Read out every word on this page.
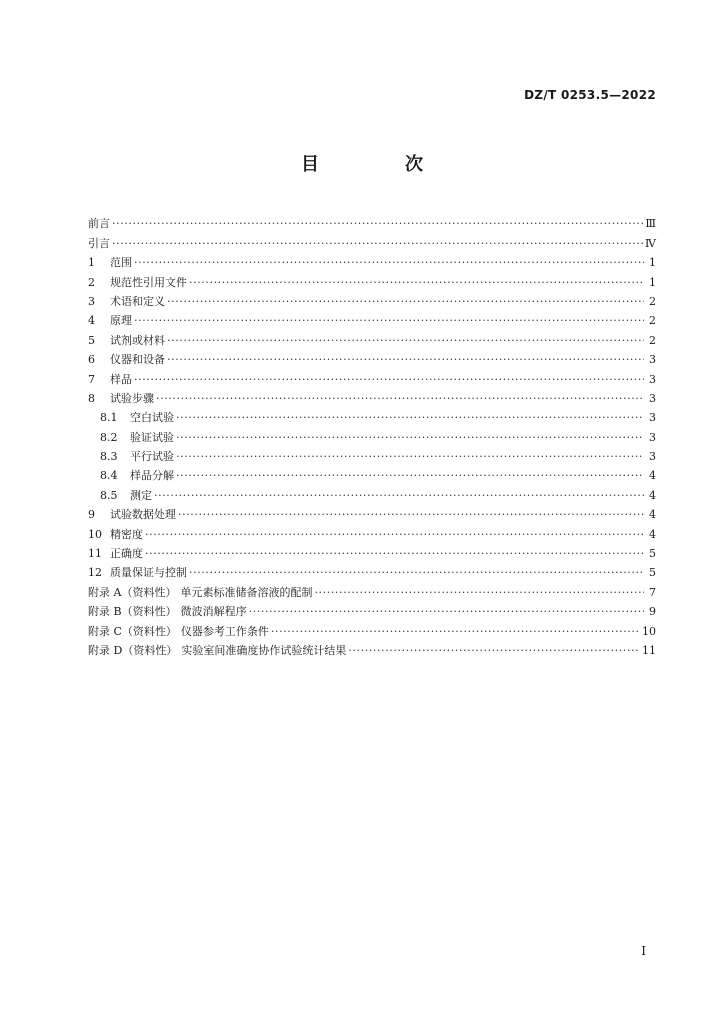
DZ/T 0253.5—2022
目　次
前言 ·····	Ⅲ
引言 ·····	Ⅳ
1	范围 ·····	1
2	规范性引用文件 ·····	1
3	术语和定义 ·····	2
4	原理 ·····	2
5	试剂或材料 ·····	2
6	仪器和设备 ·····	3
7	样品 ·····	3
8	试验步骤 ·····	3
8.1	空白试验 ·····	3
8.2	验证试验 ·····	3
8.3	平行试验 ·····	3
8.4	样品分解 ·····	4
8.5	测定 ·····	4
9	试验数据处理 ·····	4
10 精密度 ·····	4
11 正确度 ·····	5
12 质量保证与控制 ·····	5
附录 A（资料性） 单元素标准储备溶液的配制 ·····	7
附录 B（资料性） 微波消解程序 ·····	9
附录 C（资料性） 仪器参考工作条件 ·····	10
附录 D（资料性） 实验室间准确度协作试验统计结果 ·····	11
I
